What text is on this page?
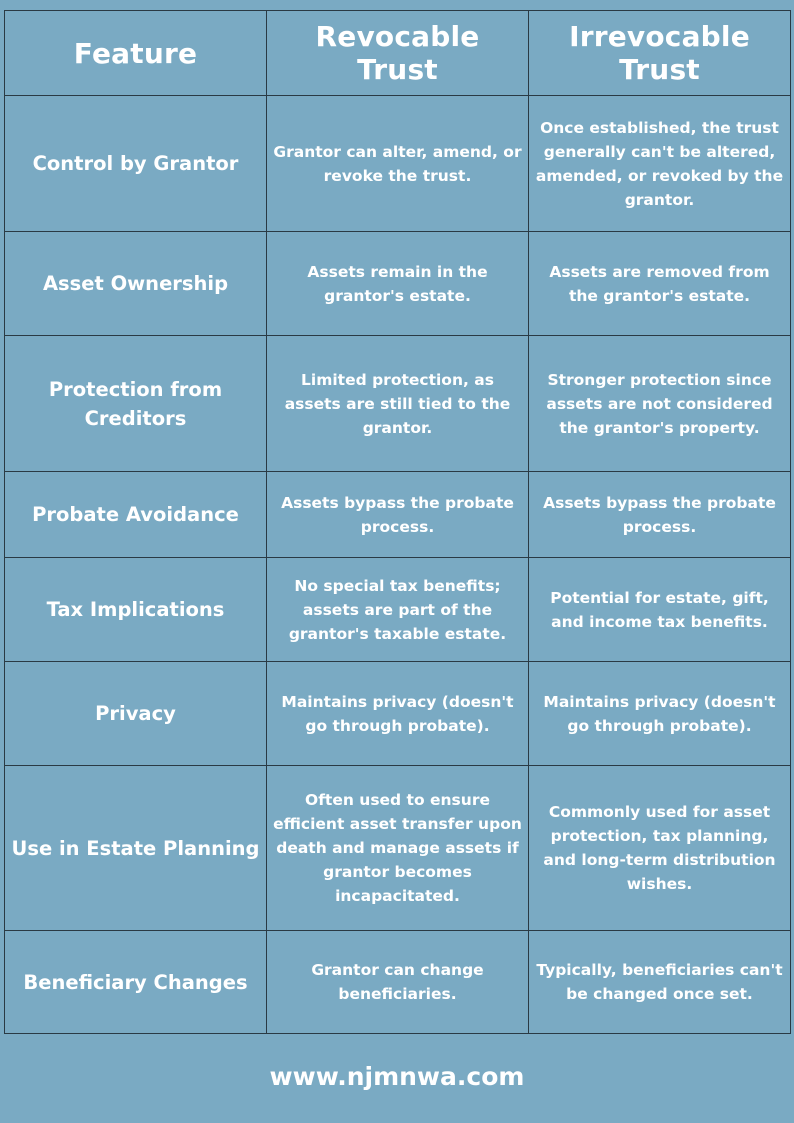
Feature	Revocable Trust	Irrevocable Trust
Control by Grantor	Grantor can alter, amend, or revoke the trust.	Once established, the trust generally can't be altered, amended, or revoked by the grantor.
Asset Ownership	Assets remain in the grantor's estate.	Assets are removed from the grantor's estate.
Protection from Creditors	Limited protection, as assets are still tied to the grantor.	Stronger protection since assets are not considered the grantor's property.
Probate Avoidance	Assets bypass the probate process.	Assets bypass the probate process.
Tax Implications	No special tax benefits; assets are part of the grantor's taxable estate.	Potential for estate, gift, and income tax benefits.
Privacy	Maintains privacy (doesn't go through probate).	Maintains privacy (doesn't go through probate).
Use in Estate Planning	Often used to ensure efficient asset transfer upon death and manage assets if grantor becomes incapacitated.	Commonly used for asset protection, tax planning, and long-term distribution wishes.
Beneficiary Changes	Grantor can change beneficiaries.	Typically, beneficiaries can't be changed once set.
www.njmnwa.com
